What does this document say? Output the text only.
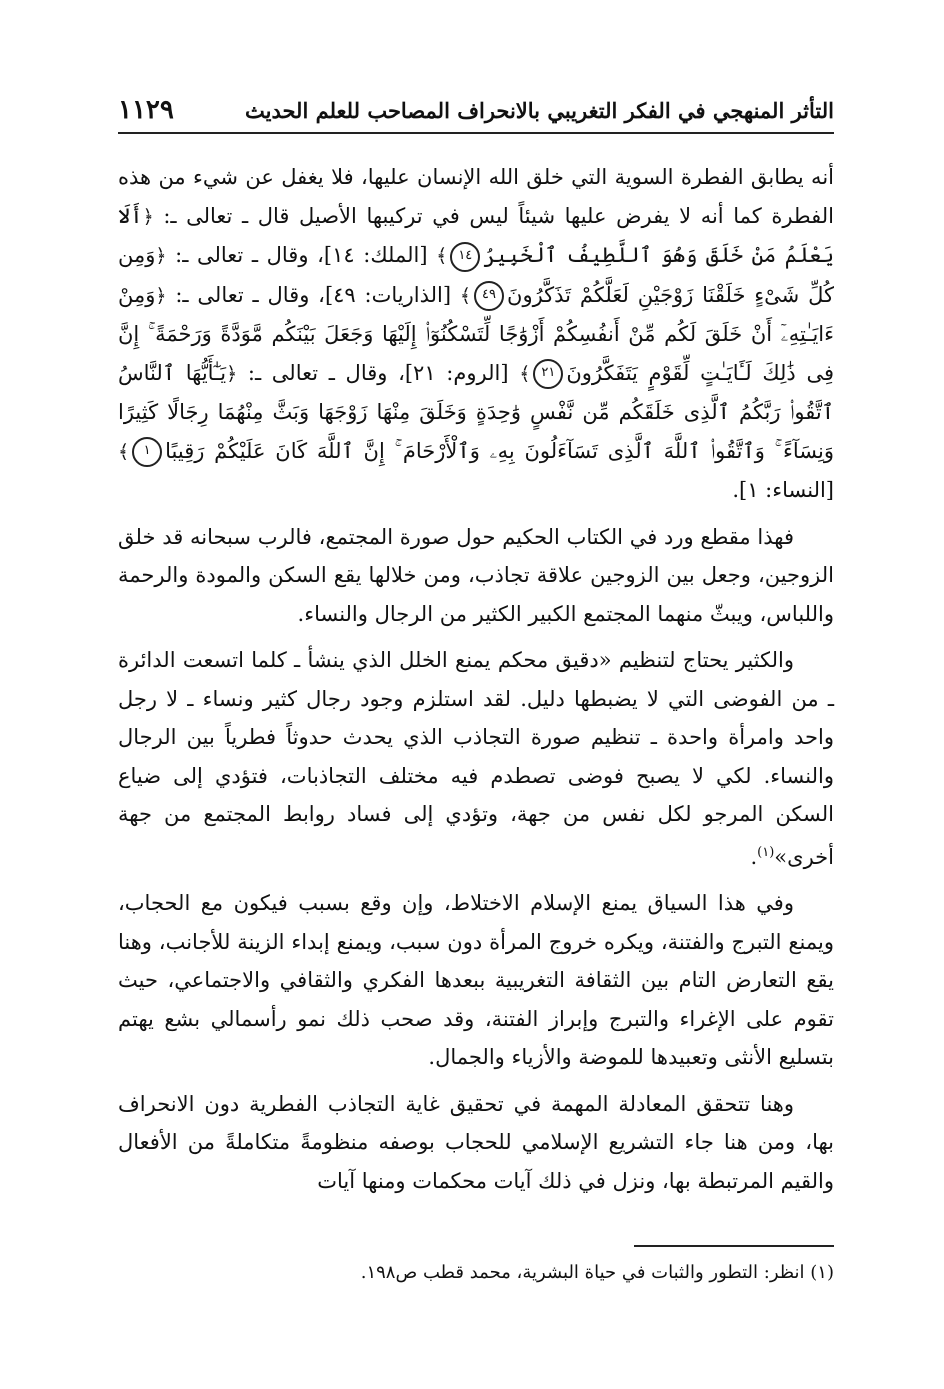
التأثر المنهجي في الفكر التغريبي بالانحراف المصاحب للعلم الحديث
١١٢٩

أنه يطابق الفطرة السوية التي خلق الله الإنسان عليها، فلا يغفل عن شيء من هذه الفطرة كما أنه لا يفرض عليها شيئاً ليس في تركيبها الأصيل قال ـ تعالى ـ: ﴿أَلَا يَعْلَمُ مَنْ خَلَقَ وَهُوَ ٱللَّطِيفُ ٱلْخَبِيرُ١٤﴾ [الملك: ١٤]، وقال ـ تعالى ـ: ﴿وَمِن كُلِّ شَىْءٍ خَلَقْنَا زَوْجَيْنِ لَعَلَّكُمْ تَذَكَّرُونَ٤٩﴾ [الذاريات: ٤٩]، وقال ـ تعالى ـ: ﴿وَمِنْ ءَايَـٰتِهِۦٓ أَنْ خَلَقَ لَكُم مِّنْ أَنفُسِكُمْ أَزْوَٰجًا لِّتَسْكُنُوٓا۟ إِلَيْهَا وَجَعَلَ بَيْنَكُم مَّوَدَّةً وَرَحْمَةً ۚ إِنَّ فِى ذَٰلِكَ لَـَٔايَـٰتٍ لِّقَوْمٍ يَتَفَكَّرُونَ٢١﴾ [الروم: ٢١]، وقال ـ تعالى ـ: ﴿يَـٰٓأَيُّهَا ٱلنَّاسُ ٱتَّقُوا۟ رَبَّكُمُ ٱلَّذِى خَلَقَكُم مِّن نَّفْسٍ وَٰحِدَةٍ وَخَلَقَ مِنْهَا زَوْجَهَا وَبَثَّ مِنْهُمَا رِجَالًا كَثِيرًا وَنِسَآءً ۚ وَٱتَّقُوا۟ ٱللَّهَ ٱلَّذِى تَسَآءَلُونَ بِهِۦ وَٱلْأَرْحَامَ ۚ إِنَّ ٱللَّهَ كَانَ عَلَيْكُمْ رَقِيبًا١﴾ [النساء: ١].

فهذا مقطع ورد في الكتاب الحكيم حول صورة المجتمع، فالرب سبحانه قد خلق الزوجين، وجعل بين الزوجين علاقة تجاذب، ومن خلالها يقع السكن والمودة والرحمة واللباس، ويبثّ منهما المجتمع الكبير الكثير من الرجال والنساء.

والكثير يحتاج لتنظيم «دقيق محكم يمنع الخلل الذي ينشأ ـ كلما اتسعت الدائرة ـ من الفوضى التي لا يضبطها دليل. لقد استلزم وجود رجال كثير ونساء ـ لا رجل واحد وامرأة واحدة ـ تنظيم صورة التجاذب الذي يحدث حدوثاً فطرياً بين الرجال والنساء. لكي لا يصبح فوضى تصطدم فيه مختلف التجاذبات، فتؤدي إلى ضياع السكن المرجو لكل نفس من جهة، وتؤدي إلى فساد روابط المجتمع من جهة أخرى»$^{(١)}$.

وفي هذا السياق يمنع الإسلام الاختلاط، وإن وقع بسبب فيكون مع الحجاب، ويمنع التبرج والفتنة، ويكره خروج المرأة دون سبب، ويمنع إبداء الزينة للأجانب، وهنا يقع التعارض التام بين الثقافة التغريبية ببعدها الفكري والثقافي والاجتماعي، حيث تقوم على الإغراء والتبرج وإبراز الفتنة، وقد صحب ذلك نمو رأسمالي بشع يهتم بتسليع الأنثى وتعبيدها للموضة والأزياء والجمال.

وهنا تتحقق المعادلة المهمة في تحقيق غاية التجاذب الفطرية دون الانحراف بها، ومن هنا جاء التشريع الإسلامي للحجاب بوصفه منظومةً متكاملةً من الأفعال والقيم المرتبطة بها، ونزل في ذلك آيات محكمات ومنها آيات

(١) انظر: التطور والثبات في حياة البشرية، محمد قطب ص١٩٨.
